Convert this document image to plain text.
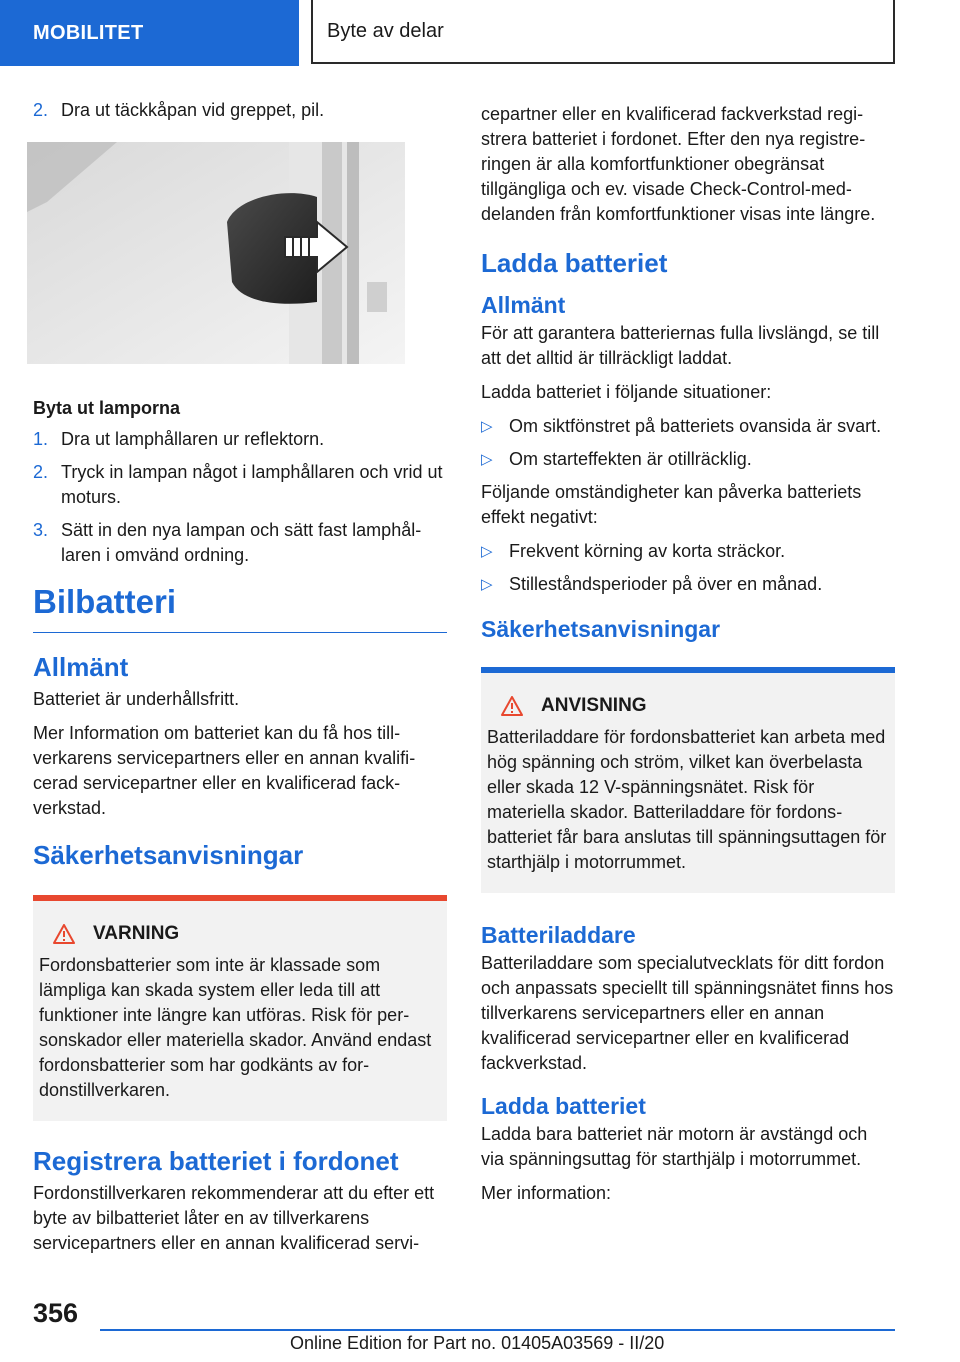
MOBILITET	Byte av delar
2. Dra ut täckkåpan vid greppet, pil.
Byta ut lamporna
1. Dra ut lamphållaren ur reflektorn.
2. Tryck in lampan något i lamphållaren och vrid ut moturs.
3. Sätt in den nya lampan och sätt fast lamphållaren i omvänd ordning.
Bilbatteri
Allmänt

Batteriet är underhållsfritt.

Mer Information om batteriet kan du få hos tillverkarens servicepartners eller en annan kvalificerad servicepartner eller en kvalificerad fackverkstad.

Säkerhetsanvisningar
VARNING

Fordonsbatterier som inte är klassade som lämpliga kan skada system eller leda till att funktioner inte längre kan utföras. Risk för personskador eller materiella skador. Använd endast fordonsbatterier som har godkänts av fordonstillverkaren.

Registrera batteriet i fordonet

Fordonstillverkaren rekommenderar att du efter ett byte av bilbatteriet låter en av tillverkarens servicepartners eller en annan kvalificerad servi-

cepartner eller en kvalificerad fackverkstad registrera batteriet i fordonet. Efter den nya registreringen är alla komfortfunktioner obegränsat tillgängliga och ev. visade Check-Control-meddelanden från komfortfunktioner visas inte längre.

Ladda batteriet
Allmänt

För att garantera batteriernas fulla livslängd, se till att det alltid är tillräckligt laddat.

Ladda batteriet i följande situationer:

▷ Om siktfönstret på batteriets ovansida är svart.
▷ Om starteffekten är otillräcklig.

Följande omständigheter kan påverka batteriets effekt negativt:

▷ Frekvent körning av korta sträckor.
▷ Stilleståndsperioder på över en månad.
Säkerhetsanvisningar
ANVISNING

Batteriladdare för fordonsbatteriet kan arbeta med hög spänning och ström, vilket kan överbelasta eller skada 12 V-spänningsnätet. Risk för materiella skador. Batteriladdare för fordonsbatteriet får bara anslutas till spänningsuttagen för starthjälp i motorrummet.

Batteriladdare

Batteriladdare som specialutvecklats för ditt fordon och anpassats speciellt till spänningsnätet finns hos tillverkarens servicepartners eller en annan kvalificerad servicepartner eller en kvalificerad fackverkstad.

Ladda batteriet

Ladda bara batteriet när motorn är avstängd och via spänningsuttag för starthjälp i motorrummet.

Mer information:

356
Online Edition for Part no. 01405A03569 - II/20
